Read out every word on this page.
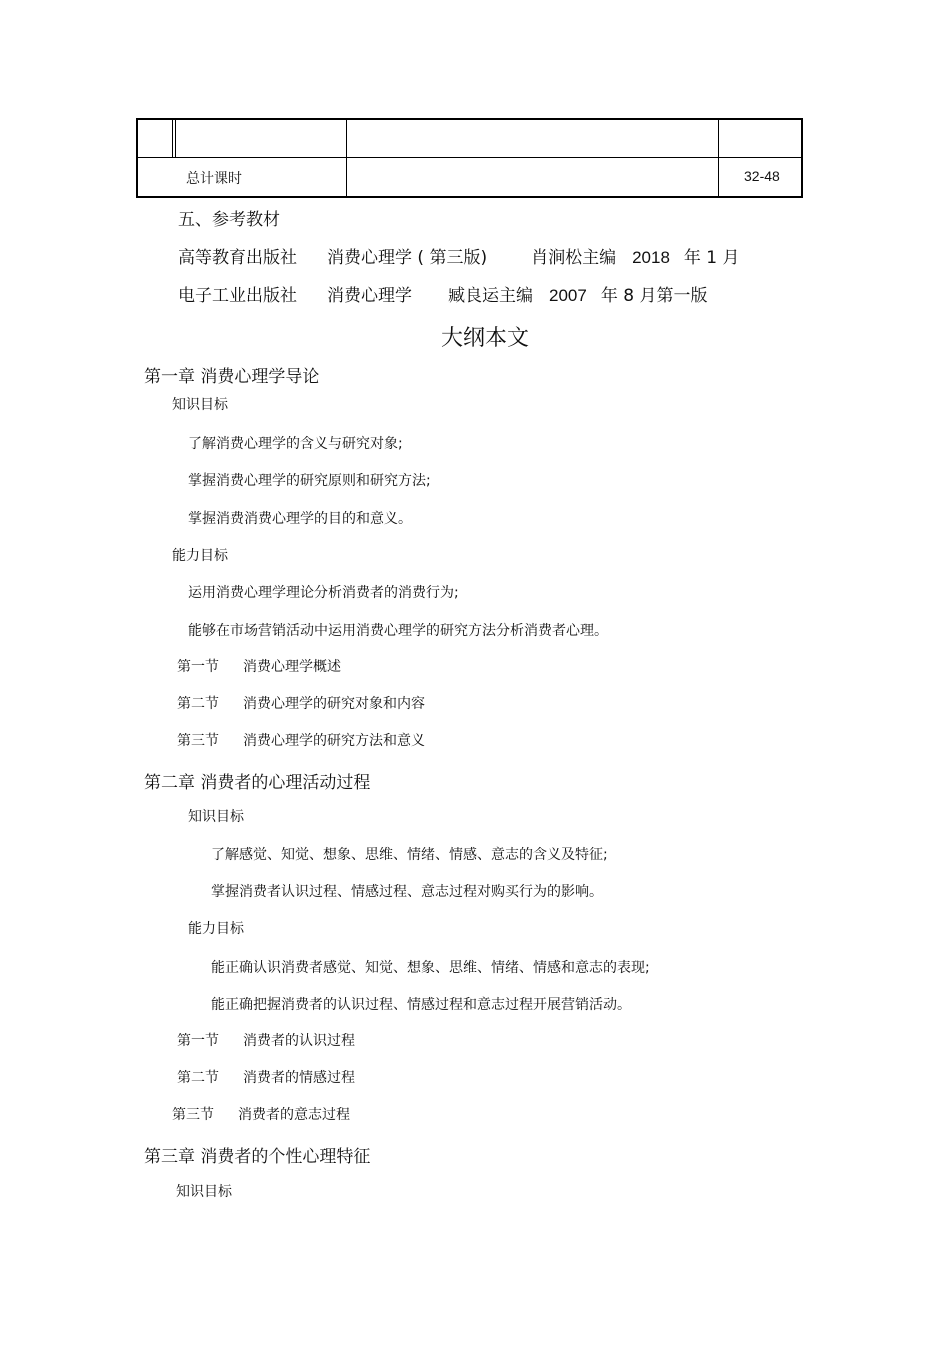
总计课时	32-48
五、参考教材
高等教育出版社 消费心理学 ( 第三版)	肖涧松主编 2018 年 1 月
电子工业出版社 消费心理学 臧良运主编 2007 年 8 月第一版
大纲本文
第一章 消费心理学导论
知识目标
了解消费心理学的含义与研究对象;
掌握消费心理学的研究原则和研究方法;
掌握消费消费心理学的目的和意义。
能力目标
运用消费心理学理论分析消费者的消费行为;
能够在市场营销活动中运用消费心理学的研究方法分析消费者心理。
第一节 消费心理学概述
第二节 消费心理学的研究对象和内容
第三节 消费心理学的研究方法和意义
第二章 消费者的心理活动过程
知识目标
了解感觉、知觉、想象、思维、情绪、情感、意志的含义及特征;
掌握消费者认识过程、情感过程、意志过程对购买行为的影响。
能力目标
能正确认识消费者感觉、知觉、想象、思维、情绪、情感和意志的表现;
能正确把握消费者的认识过程、情感过程和意志过程开展营销活动。
第一节 消费者的认识过程
第二节 消费者的情感过程
第三节 消费者的意志过程
第三章 消费者的个性心理特征
知识目标
